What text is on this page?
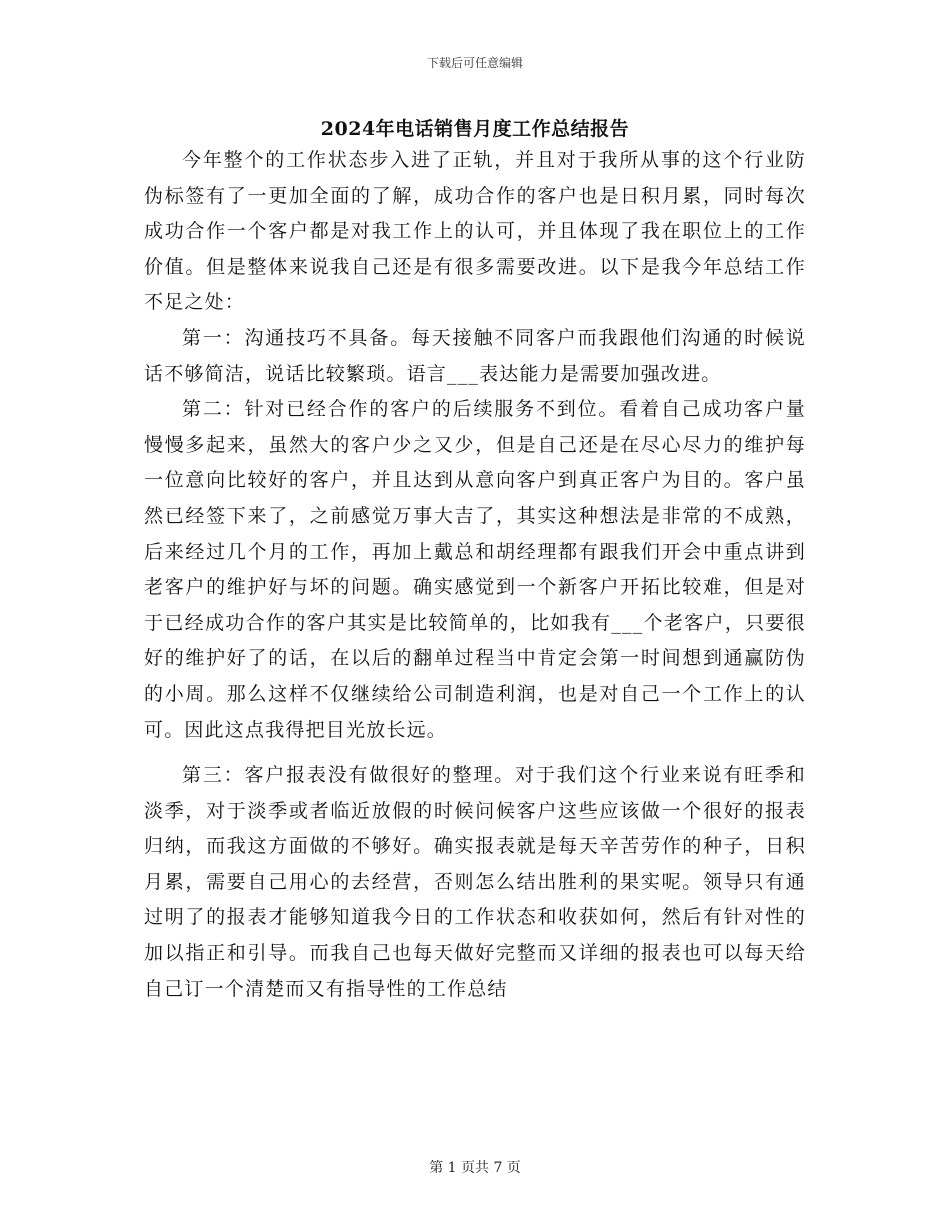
下载后可任意编辑
2024年电话销售月度工作总结报告

今年整个的工作状态步入进了正轨，并且对于我所从事的这个行业防伪标签有了一更加全面的了解，成功合作的客户也是日积月累，同时每次成功合作一个客户都是对我工作上的认可，并且体现了我在职位上的工作价值。但是整体来说我自己还是有很多需要改进。以下是我今年总结工作不足之处：

第一：沟通技巧不具备。每天接触不同客户而我跟他们沟通的时候说话不够简洁，说话比较繁琐。语言___表达能力是需要加强改进。

第二：针对已经合作的客户的后续服务不到位。看着自己成功客户量慢慢多起来，虽然大的客户少之又少，但是自己还是在尽心尽力的维护每一位意向比较好的客户，并且达到从意向客户到真正客户为目的。客户虽然已经签下来了，之前感觉万事大吉了，其实这种想法是非常的不成熟，后来经过几个月的工作，再加上戴总和胡经理都有跟我们开会中重点讲到老客户的维护好与坏的问题。确实感觉到一个新客户开拓比较难，但是对于已经成功合作的客户其实是比较简单的，比如我有___个老客户，只要很好的维护好了的话，在以后的翻单过程当中肯定会第一时间想到通赢防伪的小周。那么这样不仅继续给公司制造利润，也是对自己一个工作上的认可。因此这点我得把目光放长远。

第三：客户报表没有做很好的整理。对于我们这个行业来说有旺季和淡季，对于淡季或者临近放假的时候问候客户这些应该做一个很好的报表归纳，而我这方面做的不够好。确实报表就是每天辛苦劳作的种子，日积月累，需要自己用心的去经营，否则怎么结出胜利的果实呢。领导只有通过明了的报表才能够知道我今日的工作状态和收获如何，然后有针对性的加以指正和引导。而我自己也每天做好完整而又详细的报表也可以每天给自己订一个清楚而又有指导性的工作总结

第 1 页共 7 页
